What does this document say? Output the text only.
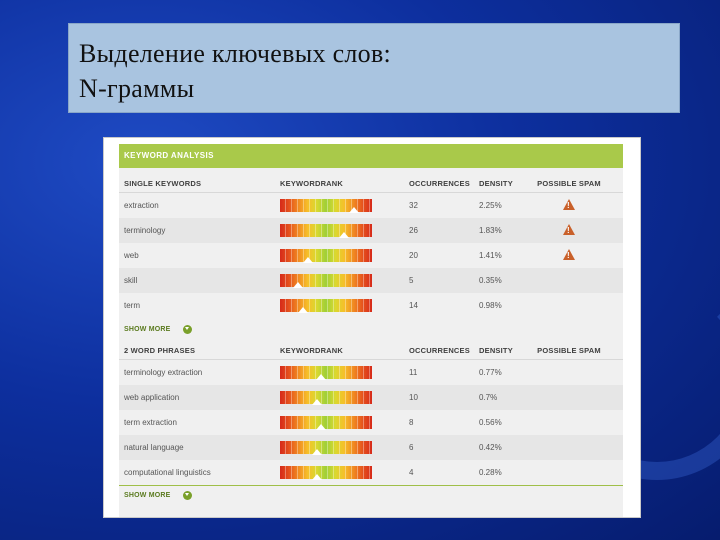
Выделение ключевых слов:
N-граммы
KEYWORD ANALYSIS
SINGLE KEYWORDS	KEYWORDRANK	OCCURRENCES	DENSITY	POSSIBLE SPAM
extraction	32	2.25%	!
terminology	26	1.83%	!
web	20	1.41%	!
skill	5	0.35%
term	14	0.98%
SHOW MORE
2 WORD PHRASES	KEYWORDRANK	OCCURRENCES	DENSITY	POSSIBLE SPAM
terminology extraction	11	0.77%
web application	10	0.7%
term extraction	8	0.56%
natural language	6	0.42%
computational linguistics	4	0.28%
SHOW MORE
